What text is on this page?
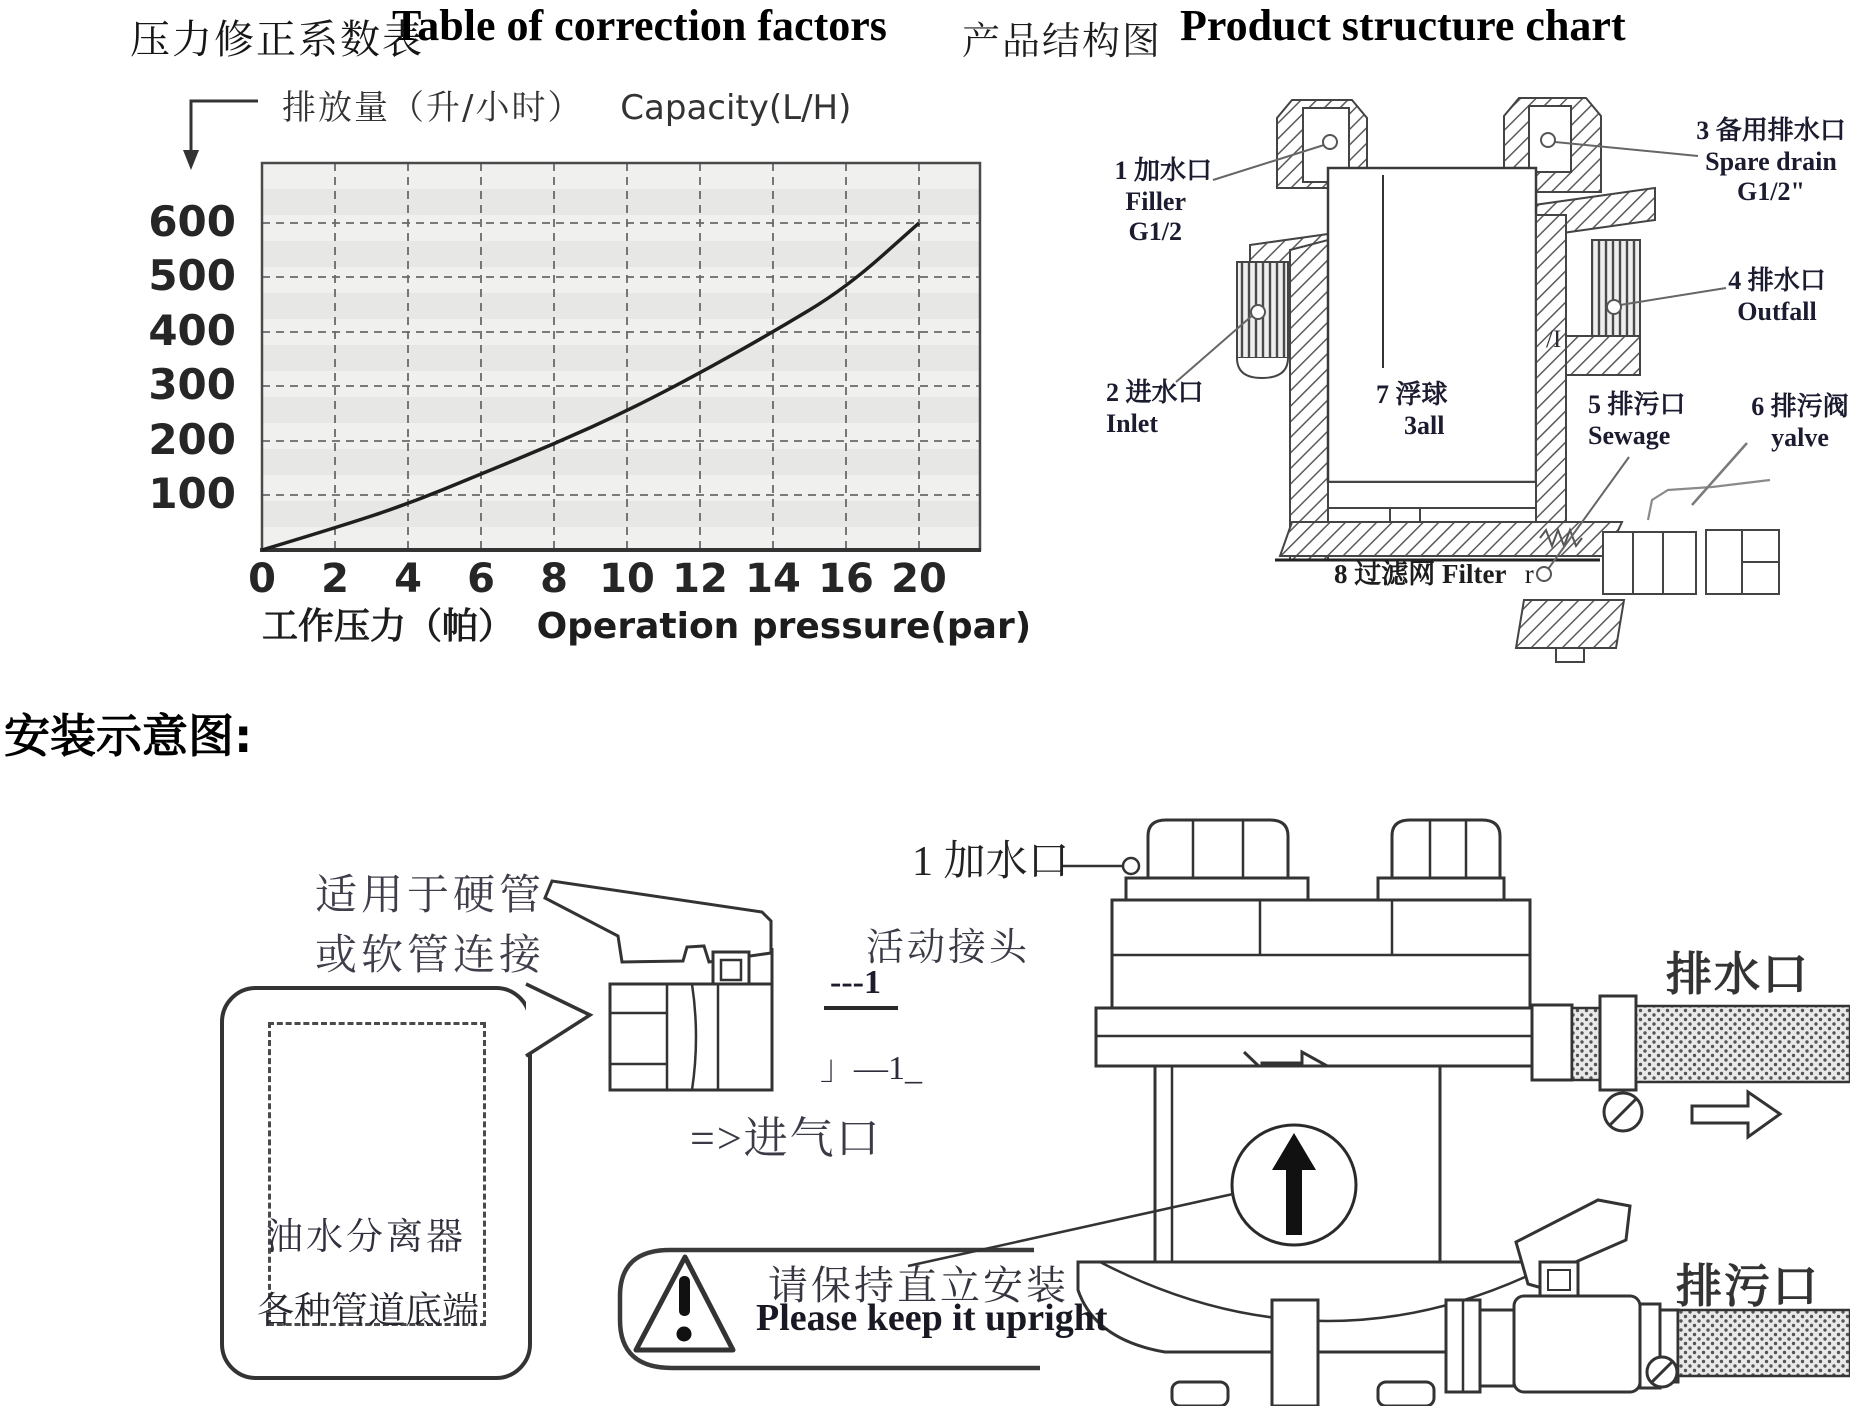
压力修正系数表
Table of correction factors
排放量（升/小时） Capacity(L/H)
600
500
400
300
200
100
0	2	4	6	8 10 12 14 16 20
工作压力（帕） Operation pressure(par)
产品结构图 Product structure chart
1 加水口
Filler
G1/2
2 进水口
Inlet
3 备用排水口
Spare drain
G1/2"
4 排水口
Outfall
5 排污口
Sewage
6 排污阀
yalve
7 浮球
3all
8 过滤网 Filter r
/I
安装示意图:
适用于硬管
或软管连接
油水分离器
各种管道底端
活动接头
---1
」—1_
=>进气口
请保持直立安装
Please keep it upright
1 加水口
排水口
排污口
